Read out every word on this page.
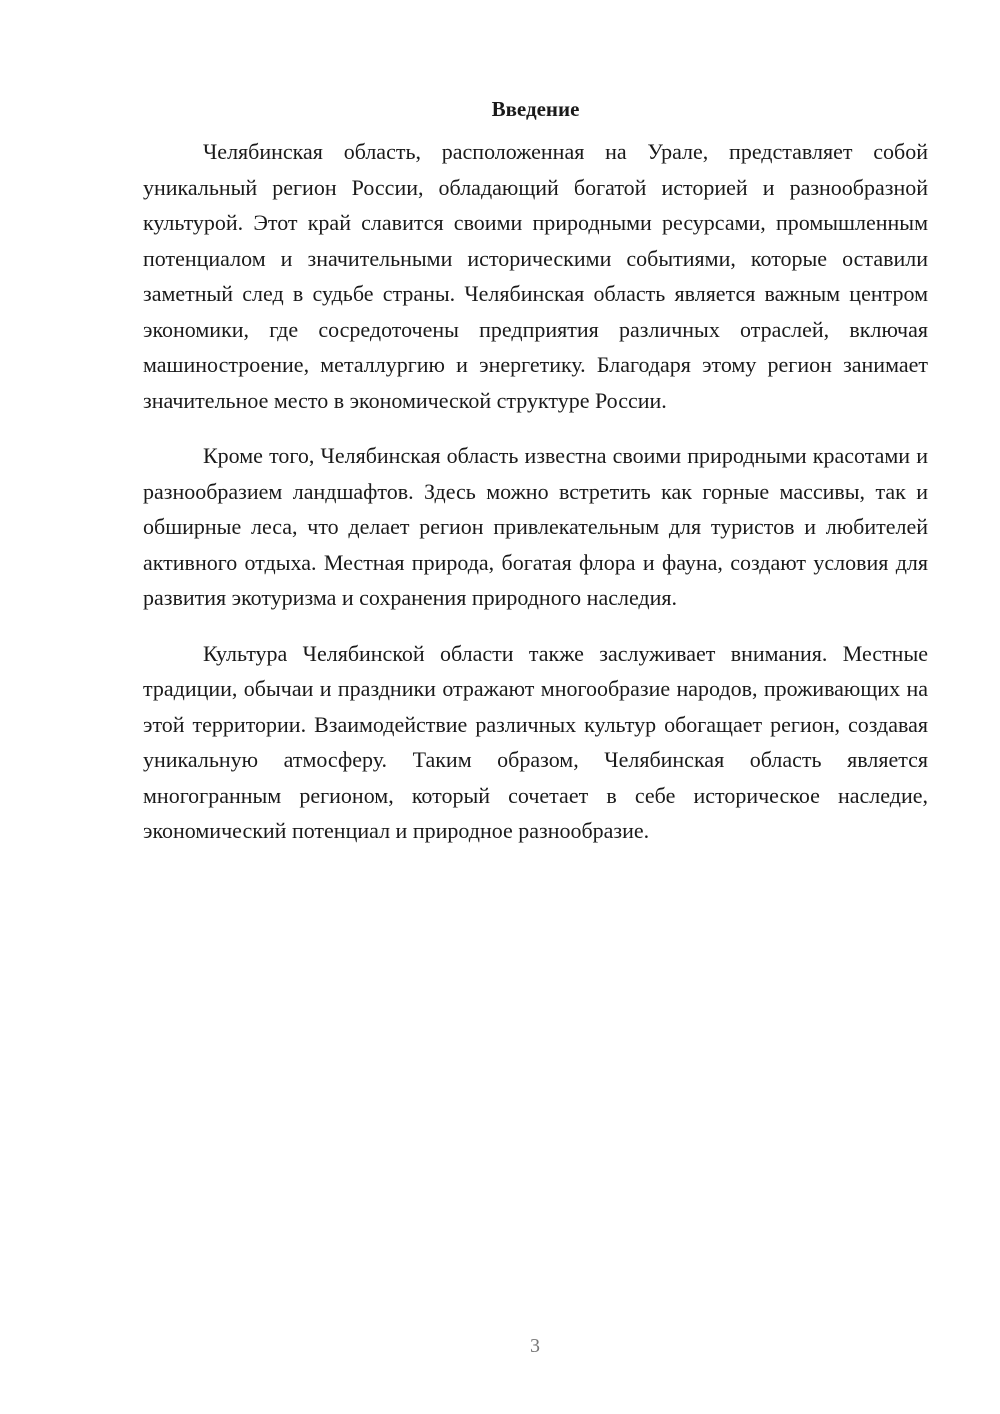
Введение

Челябинская область, расположенная на Урале, представляет собой уникальный регион России, обладающий богатой историей и разнообразной культурой. Этот край славится своими природными ресурсами, промышленным потенциалом и значительными историческими событиями, которые оставили заметный след в судьбе страны. Челябинская область является важным центром экономики, где сосредоточены предприятия различных отраслей, включая машиностроение, металлургию и энергетику. Благодаря этому регион занимает значительное место в экономической структуре России.

Кроме того, Челябинская область известна своими природными красотами и разнообразием ландшафтов. Здесь можно встретить как горные массивы, так и обширные леса, что делает регион привлекательным для туристов и любителей активного отдыха. Местная природа, богатая флора и фауна, создают условия для развития экотуризма и сохранения природного наследия.

Культура Челябинской области также заслуживает внимания. Местные традиции, обычаи и праздники отражают многообразие народов, проживающих на этой территории. Взаимодействие различных культур обогащает регион, создавая уникальную атмосферу. Таким образом, Челябинская область является многогранным регионом, который сочетает в себе историческое наследие, экономический потенциал и природное разнообразие.

3
